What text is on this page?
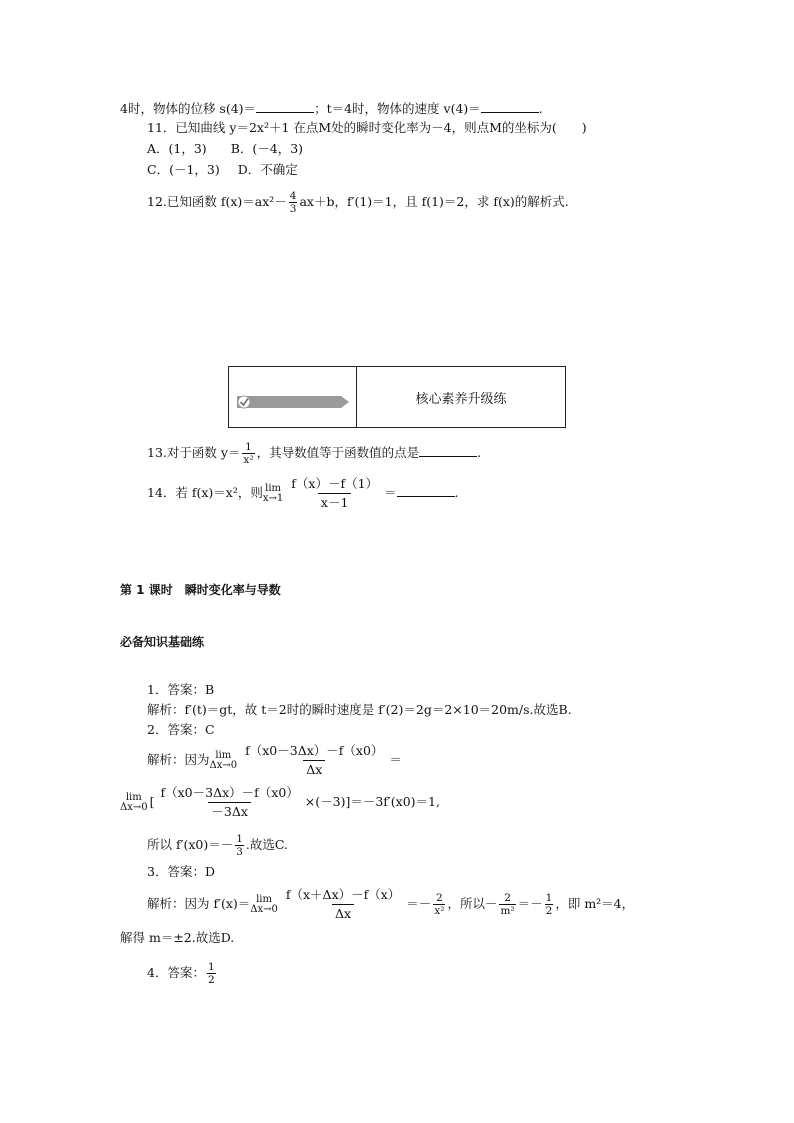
4时，物体的位移 s(4)＝	；t＝4时，物体的速度 v(4)＝	.
11．已知曲线 y＝2x²＋1 在点M处的瞬时变化率为－4，则点M的坐标为(　　)
A．(1，3) B．(－4，3)
C．(－1，3) D．不确定
12.已知函数 $f(x)=ax^2- \frac{4}{3} ax+b$，f′(1)＝1，且 f(1)＝2，求 f(x)的解析式.
核心素养升级练
13.对于函数 $y= \frac{1}{\text{x²}}$ ，其导数值等于函数值的点是	.
14．若 f(x)＝x²，则 lim
$x\to 1 \frac{f(x)-f(1)}{x-1}$ ＝	.
第 1 课时　瞬时变化率与导数
必备知识基础练
1．答案：B
解析：f′(t)＝gt，故 t＝2时的瞬时速度是 f′(2)＝2g＝2×10＝20m/s.故选B.
2．答案：C
解析：因为 lim
$\Delta x\to 0 \frac{f(x0-3\Delta x)-f(x0)}{\Delta x}$ ＝
lim
Δx→0 [ $\frac{f(x0-3\Delta x)-f(x0)}{-3\Delta x} \times(-3)]=-3f'(x0)=1$,
所以 $f'(x0)=- \frac{1}{3}$ .故选C.
3．答案：D
解析：因为 f′(x)＝ lim
$\Delta x\to 0 \frac{f(x+\Delta x)-f(x)}{\Delta x} =- \frac{2}{\text{x²}}$ ，所以－ $\frac{2}{\text{m²}} =- \frac{1}{2}$ ，即 m²＝4，
解得 m＝±2.故选D.
4．答案： $\frac{1}{2}$
